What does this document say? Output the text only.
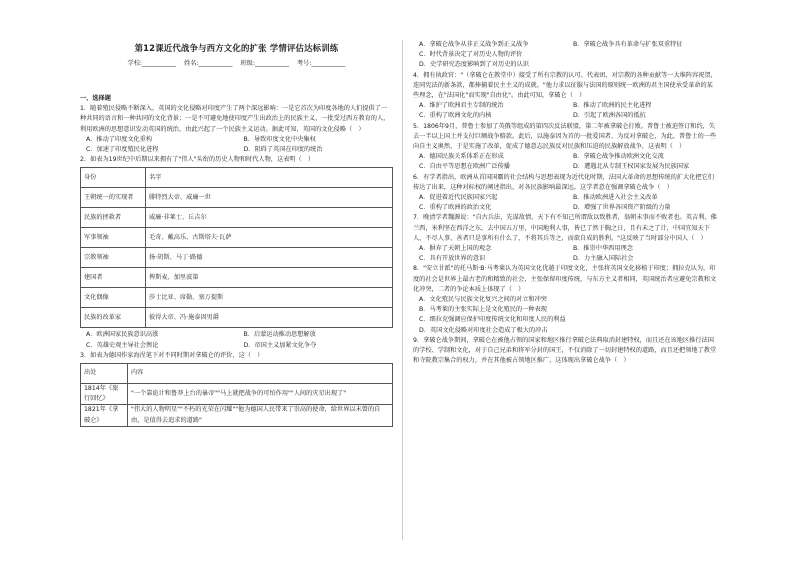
第12课近代战争与西方文化的扩张 学情评估达标训练
学校:___________ 姓名:___________ 班级:___________ 考号:___________
一、选择题

1．随着殖民侵略不断深入，英国的文化侵略对印度产生了两个深远影响：一是它首次为印度各地的人们提供了一种共同的语言和一种共同的文化背景；一是不可避免地使印度产生出政治上的民族主义，一批受过西方教育的人，利用欧洲的思想意识发动英国的统治，由此兴起了一个民族主义运动。据此可知，英国的文化侵略（　）

A．推动了印度文化重构	B．导致印度文化中央集权
C．加速了印度殖民化进程	D．阻碍了英国在印度的统治

2．如表为19世纪中后期以来拥有了"伟人"头衔的历史人物和时代人物，这表明（　）

身份	名字
王朝统一的实现者	腓特烈大帝、威廉一世
民族的拯救者	威廉·非莱士、丘吉尔
军事领袖	毛奇、戴高乐、古斯塔夫·瓦萨
宗教领袖	扬·胡斯、马丁·路德
建国者	俾斯麦、加里波第
文化偶像	莎士比亚、席勒、塞万提斯
民族的改革家	彼得大帝、冯·施泰因男爵
A．欧洲国家民族意识高涨	B．启蒙运动推动思想解放
C．英雄史观主导社会舆论	D．帝国主义加紧文化争夺

3．如表为德国作家海涅笔下对不同时期对拿破仑的评价，这（　）

出处	内容
1814年《旅行回忆》	"一个靠诡计和鲁莽上台的暴帝""马上就把战争的可怕作用""人间的灾星出现了"
1821年《拿破仑》	"伟大的人物明星""不朽的光荣在闪耀""他为德国人民带来了崇高的使命，给世界以未曾的自由，是值得去追求的道路"
A．拿破仑战争从非正义战争到正义战争	B．拿破仑战争具有革命与扩张双重特征
C．时代背景决定了对历史人物的评价
D．史学研究态度影响到了对历史的认识

4．拥有执政官："（拿破仑在教堂中）接受了所有宗教的认可、代表团、对宗教的各种贡献等一大堆阵容祝贺，连同宪法的新条款，都捧捕着民主主义的成就。"他力求以征服与法国的原则统一欧洲的君主国使承受革命的某些理念，在"法国化"而实现"自由化"。由此可知，拿破仑（　）

A．维护了欧洲君主专制的统治	B．推动了欧洲的民主化进程
C．重构了欧洲文化的内核	D．引起了欧洲各国的抵抗

5．1806年9月，普鲁士参加了英俄等组成的第四次反法联盟，第二年被拿破仑打败。普鲁士被迫签订和约，失去一半以上国土并支付巨额战争赔款。此后，以施泰因为首的一批爱国者、为反对拿破仑，为此，普鲁士的一些向自主义奥然，于是实施了改革，促成了德意志民族反对民族和压迫的民族解放战争，这表明（　）

A．德国民族关系体系正在形成	B．拿破仑战争推动欧洲文化交流
C．自由平等思想在欧洲广泛传播	D．遭遇北从专制王权国家发展为民族国家

6．有学者指出，欧洲从首国国霸的社会结构与思想表现为近代化时期，法国大革命的思想传统的扩大化把它们传达了出来，这种对标权的阐述指出，对各民族影响最深远。这学者意在强调拿破仑战争（　）

A．促进着近代民族国家兴起	B．推动欧洲进入社会主义改革
C．重构了欧洲的政治文化	D．增强了世界各国资产阶级的力量

7．晚清学者魏源说："自古兵法，先谋敌情，天下有不知己所谓敌以致胜者，翁朝未事而不败者也。英吉利、佛兰西，米利坚在西洋之东，去中国五万里，中国地利人事，皆已了然于胸之日，且有未之了计，中国宜知天下人，不尽人事，善者只是事所有什么了，不将其兵等之，而欲自成的胜利。"这反映了当时部分中国人（　）

A．摒弃了天朝上国的观念	B．推崇中华西用理念
C．具有开放世界的意识	D．力主融入国际社会

8．"安立甘派"的托马斯·B·马考莱认为英国文化优越于印度文化，主张将英国文化移植于印度；拥拉克认为，印度的社会是世界上最古老的和精致的社会，主张保留印度传统，与东方主义者相同，英国统治者应避免宗教和文化冲突，二者的争论本质上体现了（　）

A．文化殖民与民族文化复兴之间的对立和冲突
B．马考莱的主张实际上是文化殖民的一种表现
C．细拉克强调应保护印度传统文化和印度人民的利益
D．英国文化侵略对印度社会造成了极大的冲击

9．拿破仑战争期间，拿破仑在被他占领的国家和地区推行拿破仑法典取消封建特权，而且还在该地区推行法国的学校、学制和文化，对于自己兄弟和将军分封的国王，不仅消除了一切封建特权的道路，而且还把领地了教堂和寺院教宗集合的权力，并在其他被占领地区推广，这体现出拿破仑战争（　）
